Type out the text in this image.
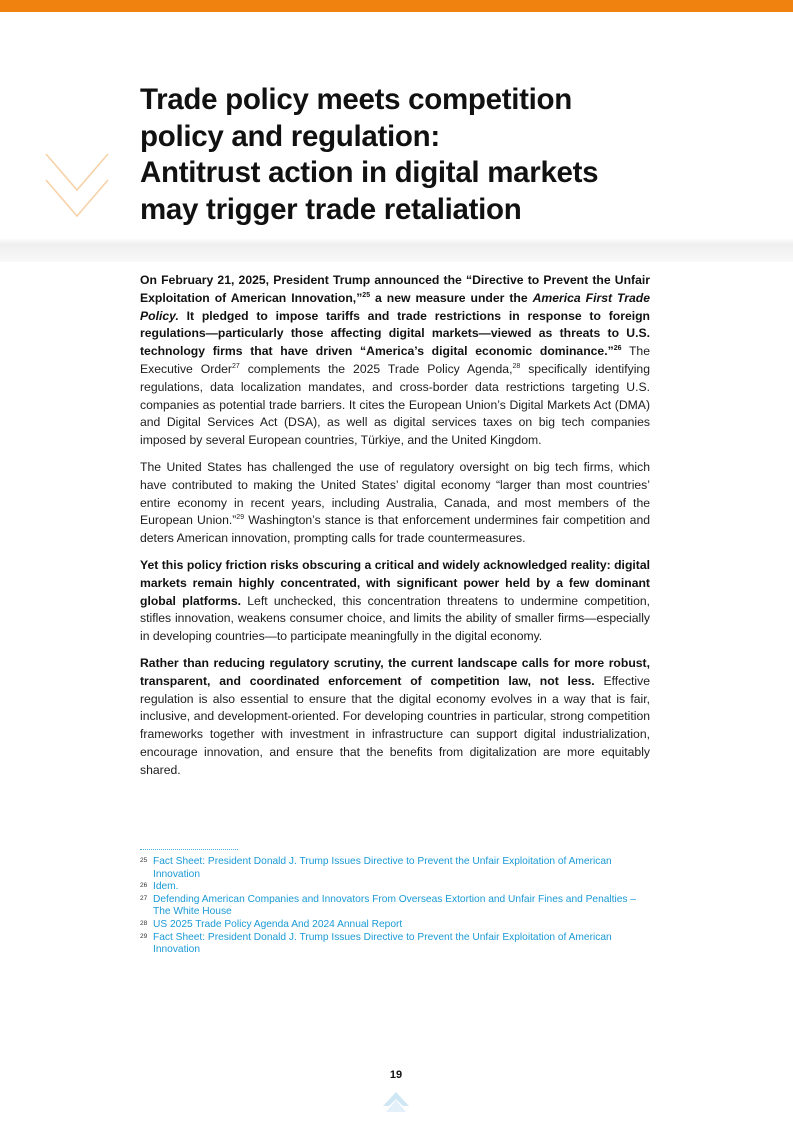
Trade policy meets competition
policy and regulation:
Antitrust action in digital markets
may trigger trade retaliation

On February 21, 2025, President Trump announced the “Directive to Prevent the Unfair Exploitation of American Innovation,”$^{25}$ a new measure under the America First Trade Policy. It pledged to impose tariffs and trade restrictions in response to foreign regulations—particularly those affecting digital markets—viewed as threats to U.S. technology firms that have driven “America’s digital economic dominance.”$^{26}$ The Executive Order$^{27}$ complements the 2025 Trade Policy Agenda,$^{28}$ specifically identifying regulations, data localization mandates, and cross-border data restrictions targeting U.S. companies as potential trade barriers. It cites the European Union’s Digital Markets Act (DMA) and Digital Services Act (DSA), as well as digital services taxes on big tech companies imposed by several European countries, Türkiye, and the United Kingdom.

The United States has challenged the use of regulatory oversight on big tech firms, which have contributed to making the United States’ digital economy “larger than most countries’ entire economy in recent years, including Australia, Canada, and most members of the European Union.”$^{29}$ Washington’s stance is that enforcement undermines fair competition and deters American innovation, prompting calls for trade countermeasures.

Yet this policy friction risks obscuring a critical and widely acknowledged reality: digital markets remain highly concentrated, with significant power held by a few dominant global platforms. Left unchecked, this concentration threatens to undermine competition, stifles innovation, weakens consumer choice, and limits the ability of smaller firms—especially in developing countries—to participate meaningfully in the digital economy.

Rather than reducing regulatory scrutiny, the current landscape calls for more robust, transparent, and coordinated enforcement of competition law, not less. Effective regulation is also essential to ensure that the digital economy evolves in a way that is fair, inclusive, and development-oriented. For developing countries in particular, strong competition frameworks together with investment in infrastructure can support digital industrialization, encourage innovation, and ensure that the benefits from digitalization are more equitably shared.

25 Fact Sheet: President Donald J. Trump Issues Directive to Prevent the Unfair Exploitation of American Innovation
26 Idem.
27 Defending American Companies and Innovators From Overseas Extortion and Unfair Fines and Penalties – The White House
28 US 2025 Trade Policy Agenda And 2024 Annual Report
29 Fact Sheet: President Donald J. Trump Issues Directive to Prevent the Unfair Exploitation of American Innovation
19
